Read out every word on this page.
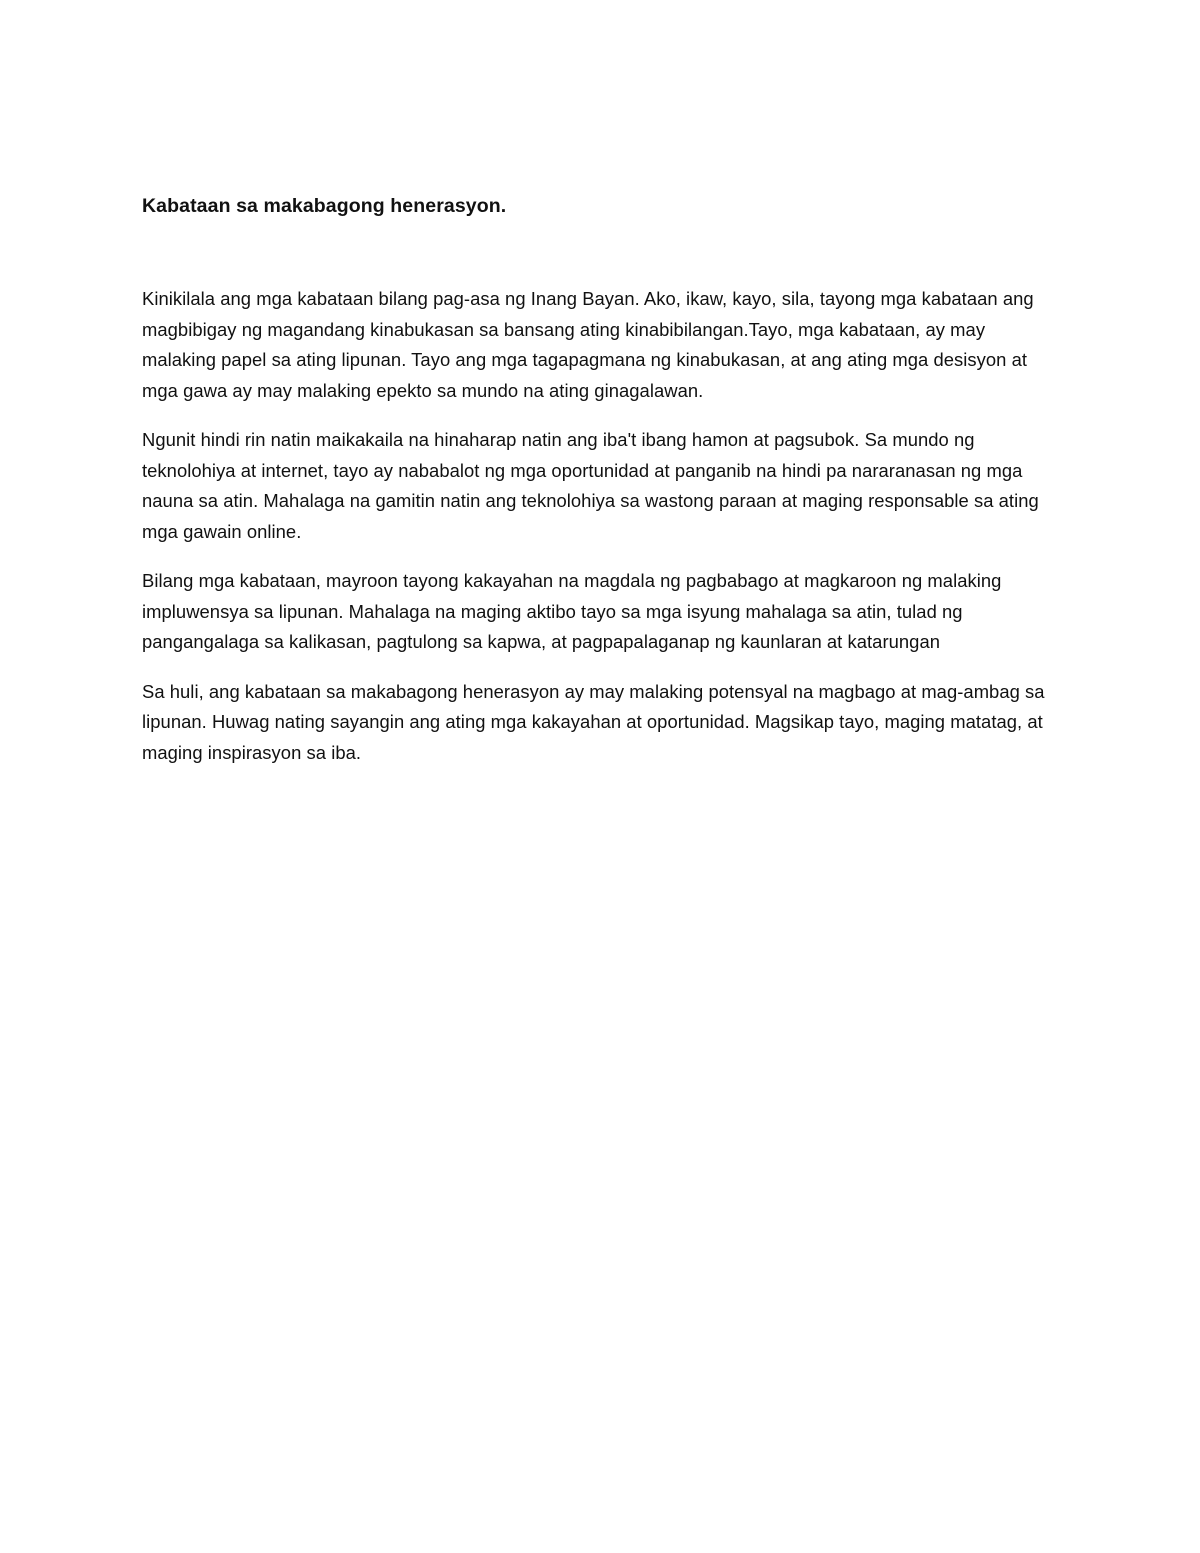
Kabataan sa makabagong henerasyon.

Kinikilala ang mga kabataan bilang pag-asa ng Inang Bayan. Ako, ikaw, kayo, sila, tayong mga kabataan ang magbibigay ng magandang kinabukasan sa bansang ating kinabibilangan.Tayo, mga kabataan, ay may malaking papel sa ating lipunan. Tayo ang mga tagapagmana ng kinabukasan, at ang ating mga desisyon at mga gawa ay may malaking epekto sa mundo na ating ginagalawan.

Ngunit hindi rin natin maikakaila na hinaharap natin ang iba't ibang hamon at pagsubok. Sa mundo ng teknolohiya at internet, tayo ay nababalot ng mga oportunidad at panganib na hindi pa nararanasan ng mga nauna sa atin. Mahalaga na gamitin natin ang teknolohiya sa wastong paraan at maging responsable sa ating mga gawain online.

Bilang mga kabataan, mayroon tayong kakayahan na magdala ng pagbabago at magkaroon ng malaking impluwensya sa lipunan. Mahalaga na maging aktibo tayo sa mga isyung mahalaga sa atin, tulad ng pangangalaga sa kalikasan, pagtulong sa kapwa, at pagpapalaganap ng kaunlaran at katarungan

Sa huli, ang kabataan sa makabagong henerasyon ay may malaking potensyal na magbago at mag-ambag sa lipunan. Huwag nating sayangin ang ating mga kakayahan at oportunidad. Magsikap tayo, maging matatag, at maging inspirasyon sa iba.
